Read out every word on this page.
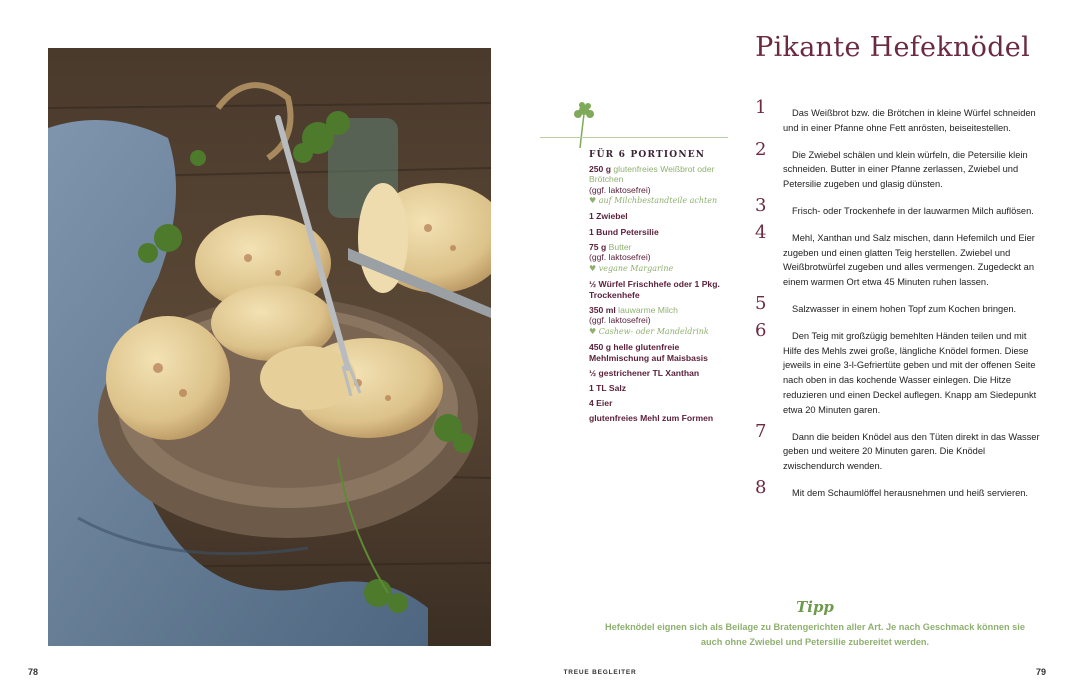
Pikante Hefeknödel
FÜR 6 PORTIONEN
250 g glutenfreies Weißbrot oder Brötchen
(ggf. laktosefrei)
♥ auf Milchbestandteile achten
1 Zwiebel
1 Bund Petersilie
75 g Butter
(ggf. laktosefrei)
♥ vegane Margarine
½ Würfel Frischhefe oder 1 Pkg. Trockenhefe
350 ml lauwarme Milch
(ggf. laktosefrei)
♥ Cashew- oder Mandeldrink
450 g helle glutenfreie Mehlmischung auf Maisbasis
½ gestrichener TL Xanthan
1 TL Salz
4 Eier
glutenfreies Mehl zum Formen
1	Das Weißbrot bzw. die Brötchen in kleine Würfel schneiden und in einer Pfanne ohne Fett anrösten, beiseitestellen.
2	Die Zwiebel schälen und klein würfeln, die Petersilie klein schneiden. Butter in einer Pfanne zerlassen, Zwiebel und Petersilie zugeben und glasig dünsten.
3	Frisch- oder Trockenhefe in der lauwarmen Milch auflösen.
4	Mehl, Xanthan und Salz mischen, dann Hefemilch und Eier zugeben und einen glatten Teig herstellen. Zwiebel und Weißbrotwürfel zugeben und alles vermengen. Zugedeckt an einem warmen Ort etwa 45 Minuten ruhen lassen.
5	Salzwasser in einem hohen Topf zum Kochen bringen.
6	Den Teig mit großzügig bemehlten Händen teilen und mit Hilfe des Mehls zwei große, längliche Knödel formen. Diese jeweils in eine 3-l-Gefriertüte geben und mit der offenen Seite nach oben in das kochende Wasser einlegen. Die Hitze reduzieren und einen Deckel auflegen. Knapp am Siedepunkt etwa 20 Minuten garen.
7	Dann die beiden Knödel aus den Tüten direkt in das Wasser geben und weitere 20 Minuten garen. Die Knödel zwischendurch wenden.
8	Mit dem Schaumlöffel herausnehmen und heiß servieren.
Tipp
Hefeknödel eignen sich als Beilage zu Bratengerichten aller Art. Je nach Geschmack können sie auch ohne Zwiebel und Petersilie zubereitet werden.
78	TREUE BEGLEITER	79
